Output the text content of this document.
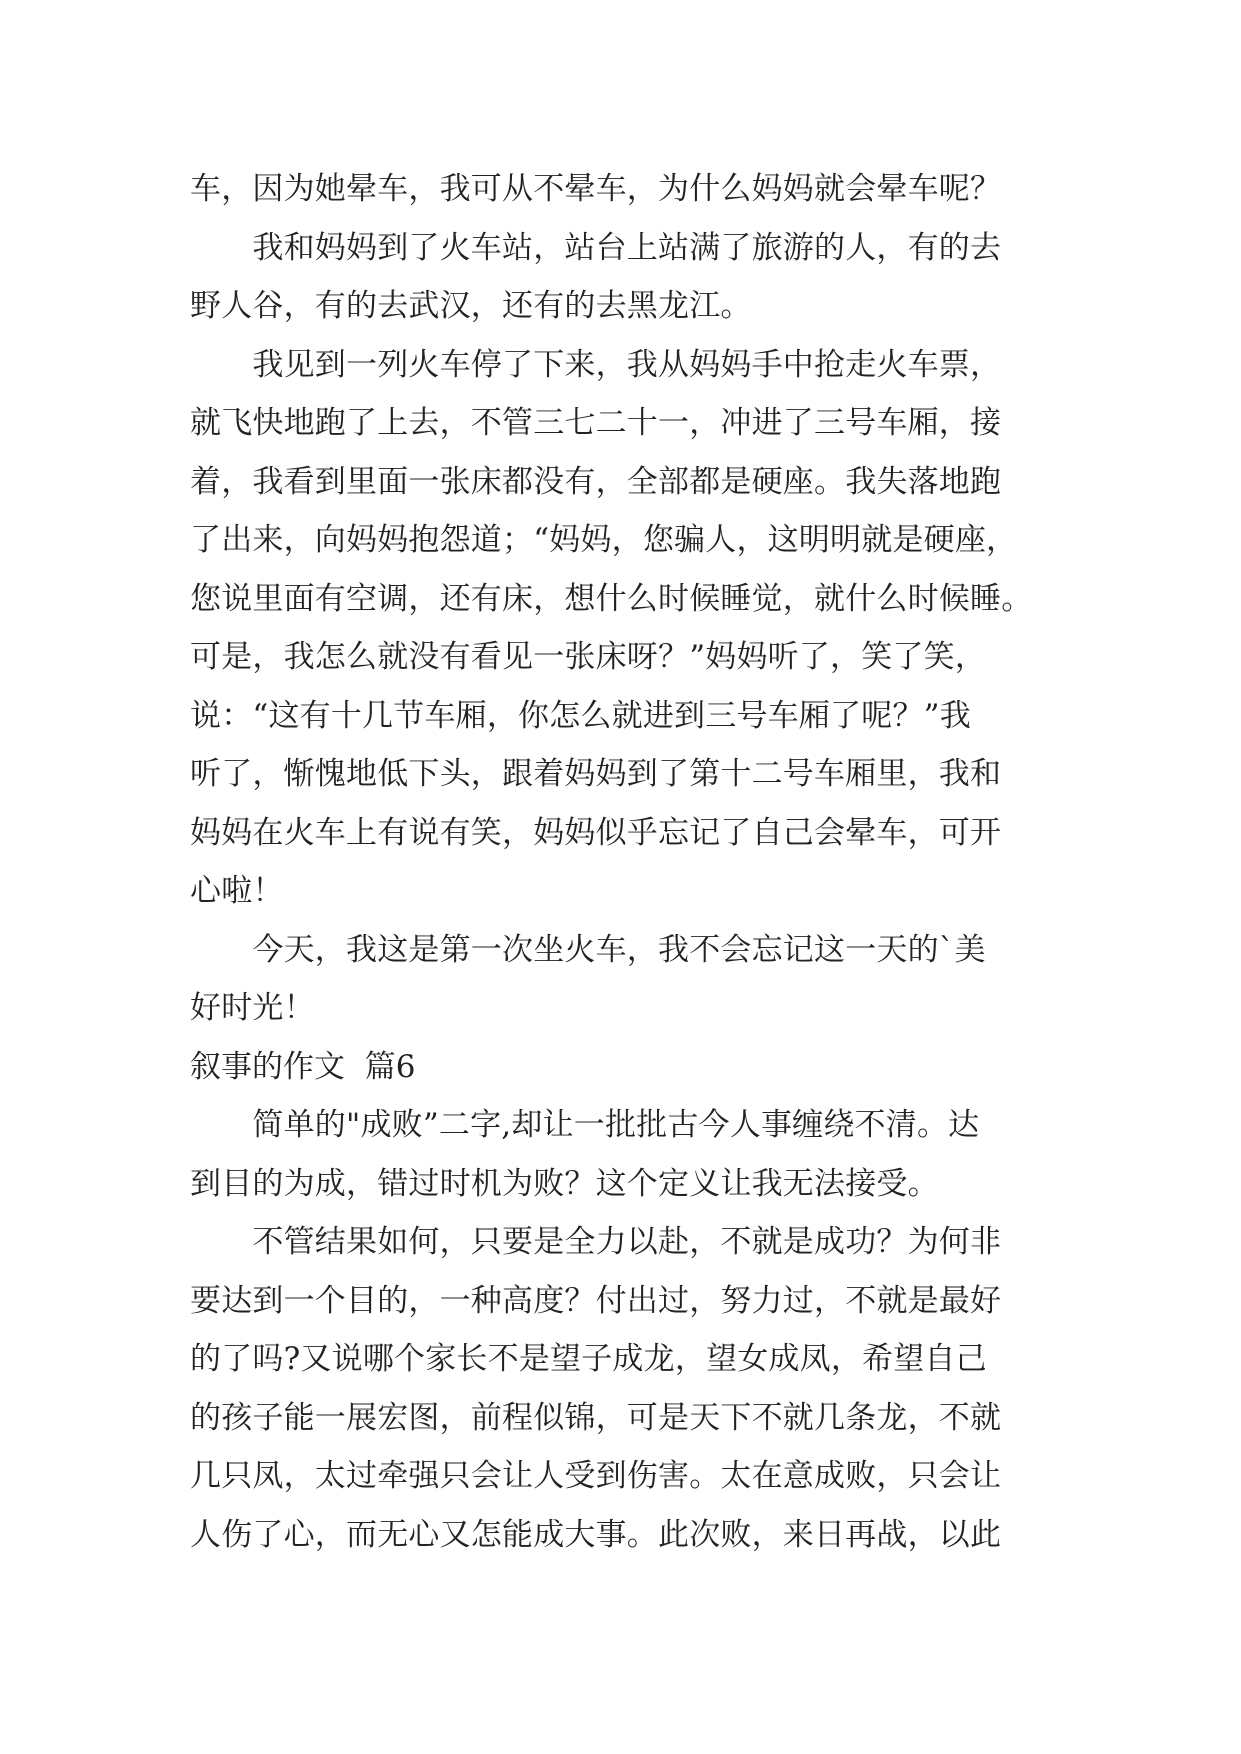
车，因为她晕车，我可从不晕车，为什么妈妈就会晕车呢？
　　我和妈妈到了火车站，站台上站满了旅游的人，有的去
野人谷，有的去武汉，还有的去黑龙江。
　　我见到一列火车停了下来，我从妈妈手中抢走火车票，
就飞快地跑了上去，不管三七二十一，冲进了三号车厢，接
着，我看到里面一张床都没有，全部都是硬座。我失落地跑
了出来，向妈妈抱怨道；“妈妈，您骗人，这明明就是硬座，
您说里面有空调，还有床，想什么时候睡觉，就什么时候睡。
可是，我怎么就没有看见一张床呀？”妈妈听了，笑了笑，
说：“这有十几节车厢，你怎么就进到三号车厢了呢？”我
听了，惭愧地低下头，跟着妈妈到了第十二号车厢里，我和
妈妈在火车上有说有笑，妈妈似乎忘记了自己会晕车，可开
心啦！
　　今天，我这是第一次坐火车，我不会忘记这一天的`美
好时光！
叙事的作文  篇6
　　简单的"成败”二字,却让一批批古今人事缠绕不清。达
到目的为成，错过时机为败？这个定义让我无法接受。
　　不管结果如何，只要是全力以赴，不就是成功？为何非
要达到一个目的，一种高度？付出过，努力过，不就是最好
的了吗?又说哪个家长不是望子成龙，望女成凤，希望自己
的孩子能一展宏图，前程似锦，可是天下不就几条龙，不就
几只凤，太过牵强只会让人受到伤害。太在意成败，只会让
人伤了心，而无心又怎能成大事。此次败，来日再战，以此
